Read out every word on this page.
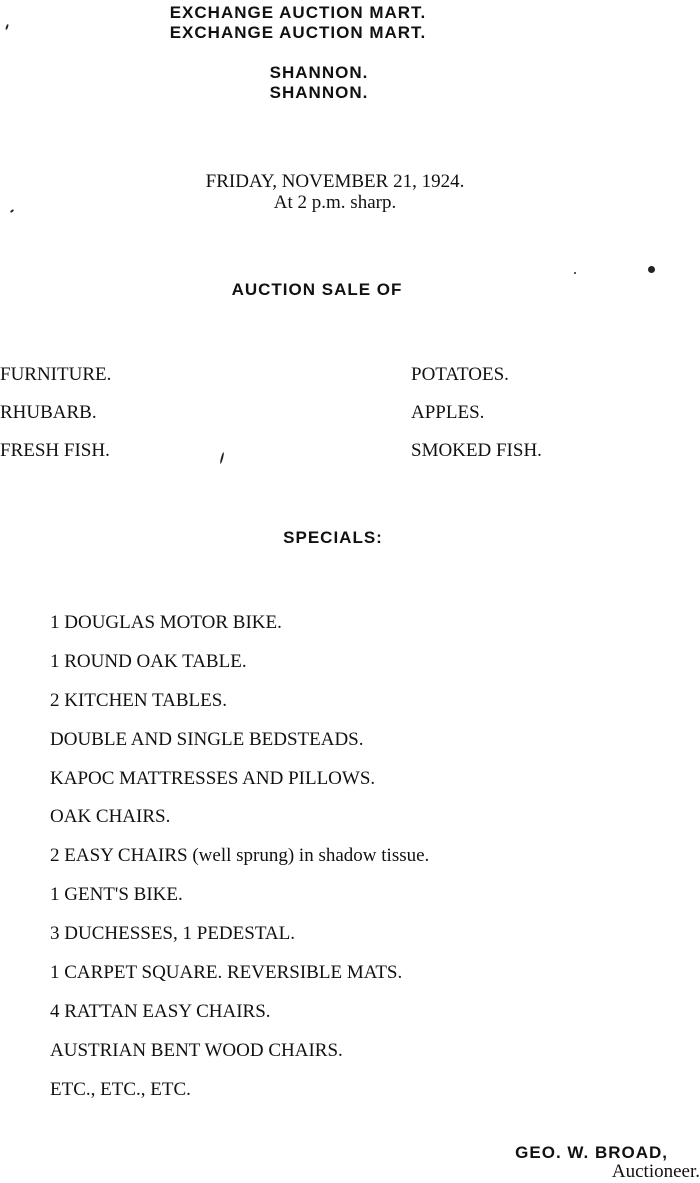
EXCHANGE AUCTION MART.
EXCHANGE AUCTION MART.
SHANNON.
SHANNON.
FRIDAY, NOVEMBER 21, 1924.
At 2 p.m. sharp.
AUCTION SALE OF
FURNITURE.
RHUBARB.
FRESH FISH.
POTATOES.
APPLES.
SMOKED FISH.
SPECIALS:
1 DOUGLAS MOTOR BIKE.
1 ROUND OAK TABLE.
2 KITCHEN TABLES.
DOUBLE AND SINGLE BEDSTEADS.
KAPOC MATTRESSES AND PILLOWS.
OAK CHAIRS.
2 EASY CHAIRS (well sprung) in shadow tissue.
1 GENT'S BIKE.
3 DUCHESSES, 1 PEDESTAL.
1 CARPET SQUARE. REVERSIBLE MATS.
4 RATTAN EASY CHAIRS.
AUSTRIAN BENT WOOD CHAIRS.
ETC., ETC., ETC.
GEO. W. BROAD,
Auctioneer.
